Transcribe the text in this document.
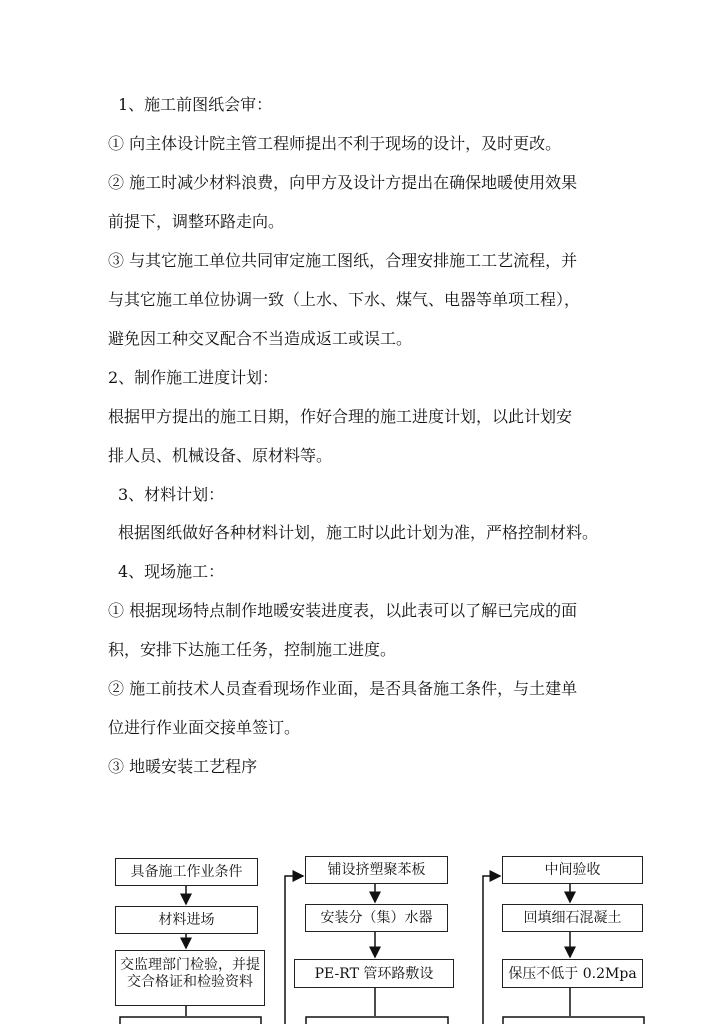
1、施工前图纸会审：
① 向主体设计院主管工程师提出不利于现场的设计，及时更改。
② 施工时减少材料浪费，向甲方及设计方提出在确保地暖使用效果
前提下，调整环路走向。
③ 与其它施工单位共同审定施工图纸，合理安排施工工艺流程，并
与其它施工单位协调一致（上水、下水、煤气、电器等单项工程），
避免因工种交叉配合不当造成返工或误工。
2、制作施工进度计划：
根据甲方提出的施工日期，作好合理的施工进度计划，以此计划安
排人员、机械设备、原材料等。
3、材料计划：
根据图纸做好各种材料计划，施工时以此计划为准，严格控制材料。
4、现场施工：
① 根据现场特点制作地暖安装进度表，以此表可以了解已完成的面
积，安排下达施工任务，控制施工进度。
② 施工前技术人员查看现场作业面，是否具备施工条件，与土建单
位进行作业面交接单签订。
③ 地暖安装工艺程序
具备施工作业条件
材料进场
交监理部门检验，并提交合格证和检验资料
铺设挤塑聚苯板
安装分（集）水器
PE-RT 管环路敷设
中间验收
回填细石混凝土
保压不低于 0.2Mpa
